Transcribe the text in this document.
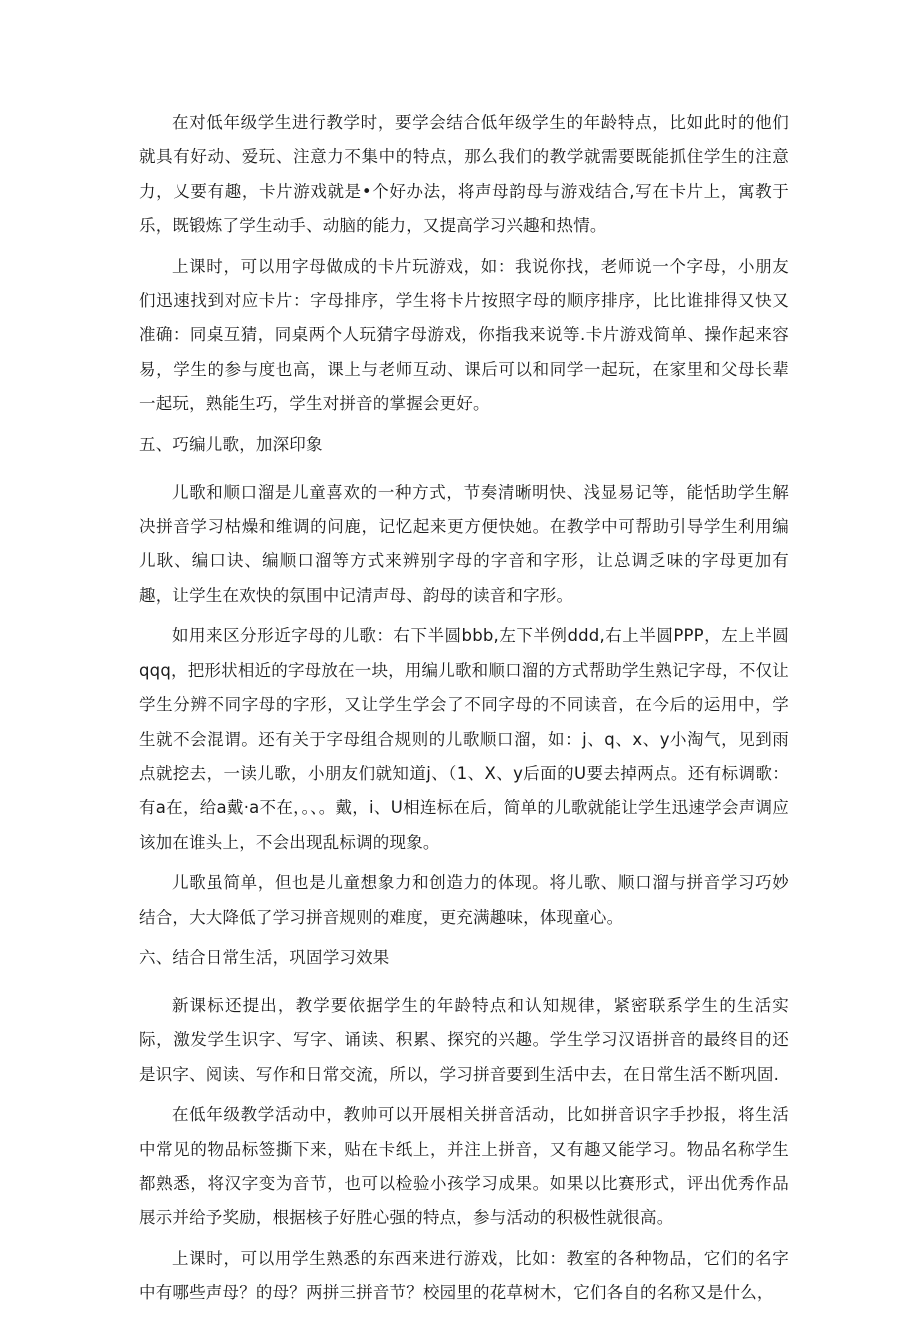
在对低年级学生进行教学时，要学会结合低年级学生的年龄特点，比如此时的他们就具有好动、爱玩、注意力不集中的特点，那么我们的教学就需要既能抓住学生的注意力，乂要有趣，卡片游戏就是•个好办法，将声母韵母与游戏结合,写在卡片上，寓教于乐，既锻炼了学生动手、动脑的能力，又提高学习兴趣和热情。

上课时，可以用字母做成的卡片玩游戏，如：我说你找，老师说一个字母，小朋友们迅速找到对应卡片：字母排序，学生将卡片按照字母的顺序排序，比比谁排得又快又准确：同桌互猜，同桌两个人玩猜字母游戏，你指我来说等.卡片游戏简单、操作起来容易，学生的参与度也高，课上与老师互动、课后可以和同学一起玩，在家里和父母长辈一起玩，熟能生巧，学生对拼音的掌握会更好。

五、巧编儿歌，加深印象

儿歌和顺口溜是儿童喜欢的一种方式，节奏清晰明快、浅显易记等，能恬助学生解决拼音学习枯燥和维调的问鹿，记忆起来更方便快她。在教学中可帮助引导学生利用编儿耿、编口诀、编顺口溜等方式来辨别字母的字音和字形，让总调乏味的字母更加有趣，让学生在欢快的氛围中记清声母、韵母的读音和字形。

如用来区分形近字母的儿歌：右下半圆bbb,左下半例ddd,右上半圆PPP，左上半圆qqq，把形状相近的字母放在一块，用编儿歌和顺口溜的方式帮助学生熟记字母，不仅让学生分辨不同字母的字形，又让学生学会了不同字母的不同读音，在今后的运用中，学生就不会混谓。还有关于字母组合规则的儿歌顺口溜，如：j、q、x、y小淘气，见到雨点就挖去，一读儿歌，小朋友们就知道j、（1、X、y后面的U要去掉两点。还有标调歌：有a在，给a戴·a不在，。、。戴，i、U相连标在后，简单的儿歌就能让学生迅速学会声调应该加在谁头上，不会出现乱标调的现象。

儿歌虽简单，但也是儿童想象力和创造力的体现。将儿歌、顺口溜与拼音学习巧妙结合，大大降低了学习拼音规则的难度，更充满趣味，体现童心。

六、结合日常生活，巩固学习效果

新课标还提出，教学要依据学生的年龄特点和认知规律，紧密联系学生的生活实际，激发学生识字、写字、诵读、积累、探究的兴趣。学生学习汉语拼音的最终目的还是识字、阅读、写作和日常交流，所以，学习拼音要到生活中去，在日常生活不断巩固.

在低年级教学活动中，教帅可以开展相关拼音活动，比如拼音识字手抄报，将生活中常见的物品标签撕下来，贴在卡纸上，并注上拼音，又有趣又能学习。物品名称学生都熟悉，将汉字变为音节，也可以检验小孩学习成果。如果以比赛形式，评出优秀作品展示并给予奖励，根据核子好胜心强的特点，参与活动的积极性就很高。

上课时，可以用学生熟悉的东西来进行游戏，比如：教室的各种物品，它们的名字中有哪些声母？的母？两拼三拼音节？校园里的花草树木，它们各自的名称又是什么，
